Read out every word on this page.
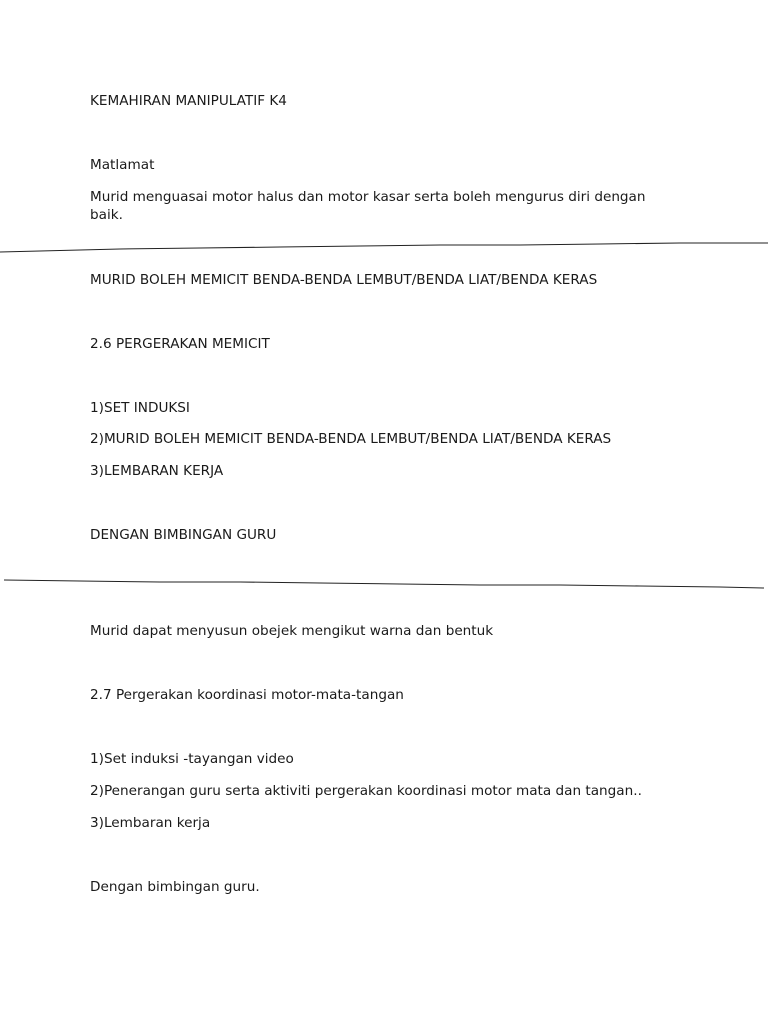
KEMAHIRAN MANIPULATIF K4
Matlamat
Murid menguasai motor halus dan motor kasar serta boleh mengurus diri dengan baik.
MURID BOLEH MEMICIT BENDA-BENDA LEMBUT/BENDA LIAT/BENDA KERAS
2.6 PERGERAKAN MEMICIT
1)SET INDUKSI
2)MURID BOLEH MEMICIT BENDA-BENDA LEMBUT/BENDA LIAT/BENDA KERAS
3)LEMBARAN KERJA
DENGAN BIMBINGAN GURU
Murid dapat menyusun obejek mengikut warna dan bentuk
2.7 Pergerakan koordinasi motor-mata-tangan
1)Set induksi -tayangan video
2)Penerangan guru serta aktiviti pergerakan koordinasi motor mata dan tangan..
3)Lembaran kerja
Dengan bimbingan guru.
